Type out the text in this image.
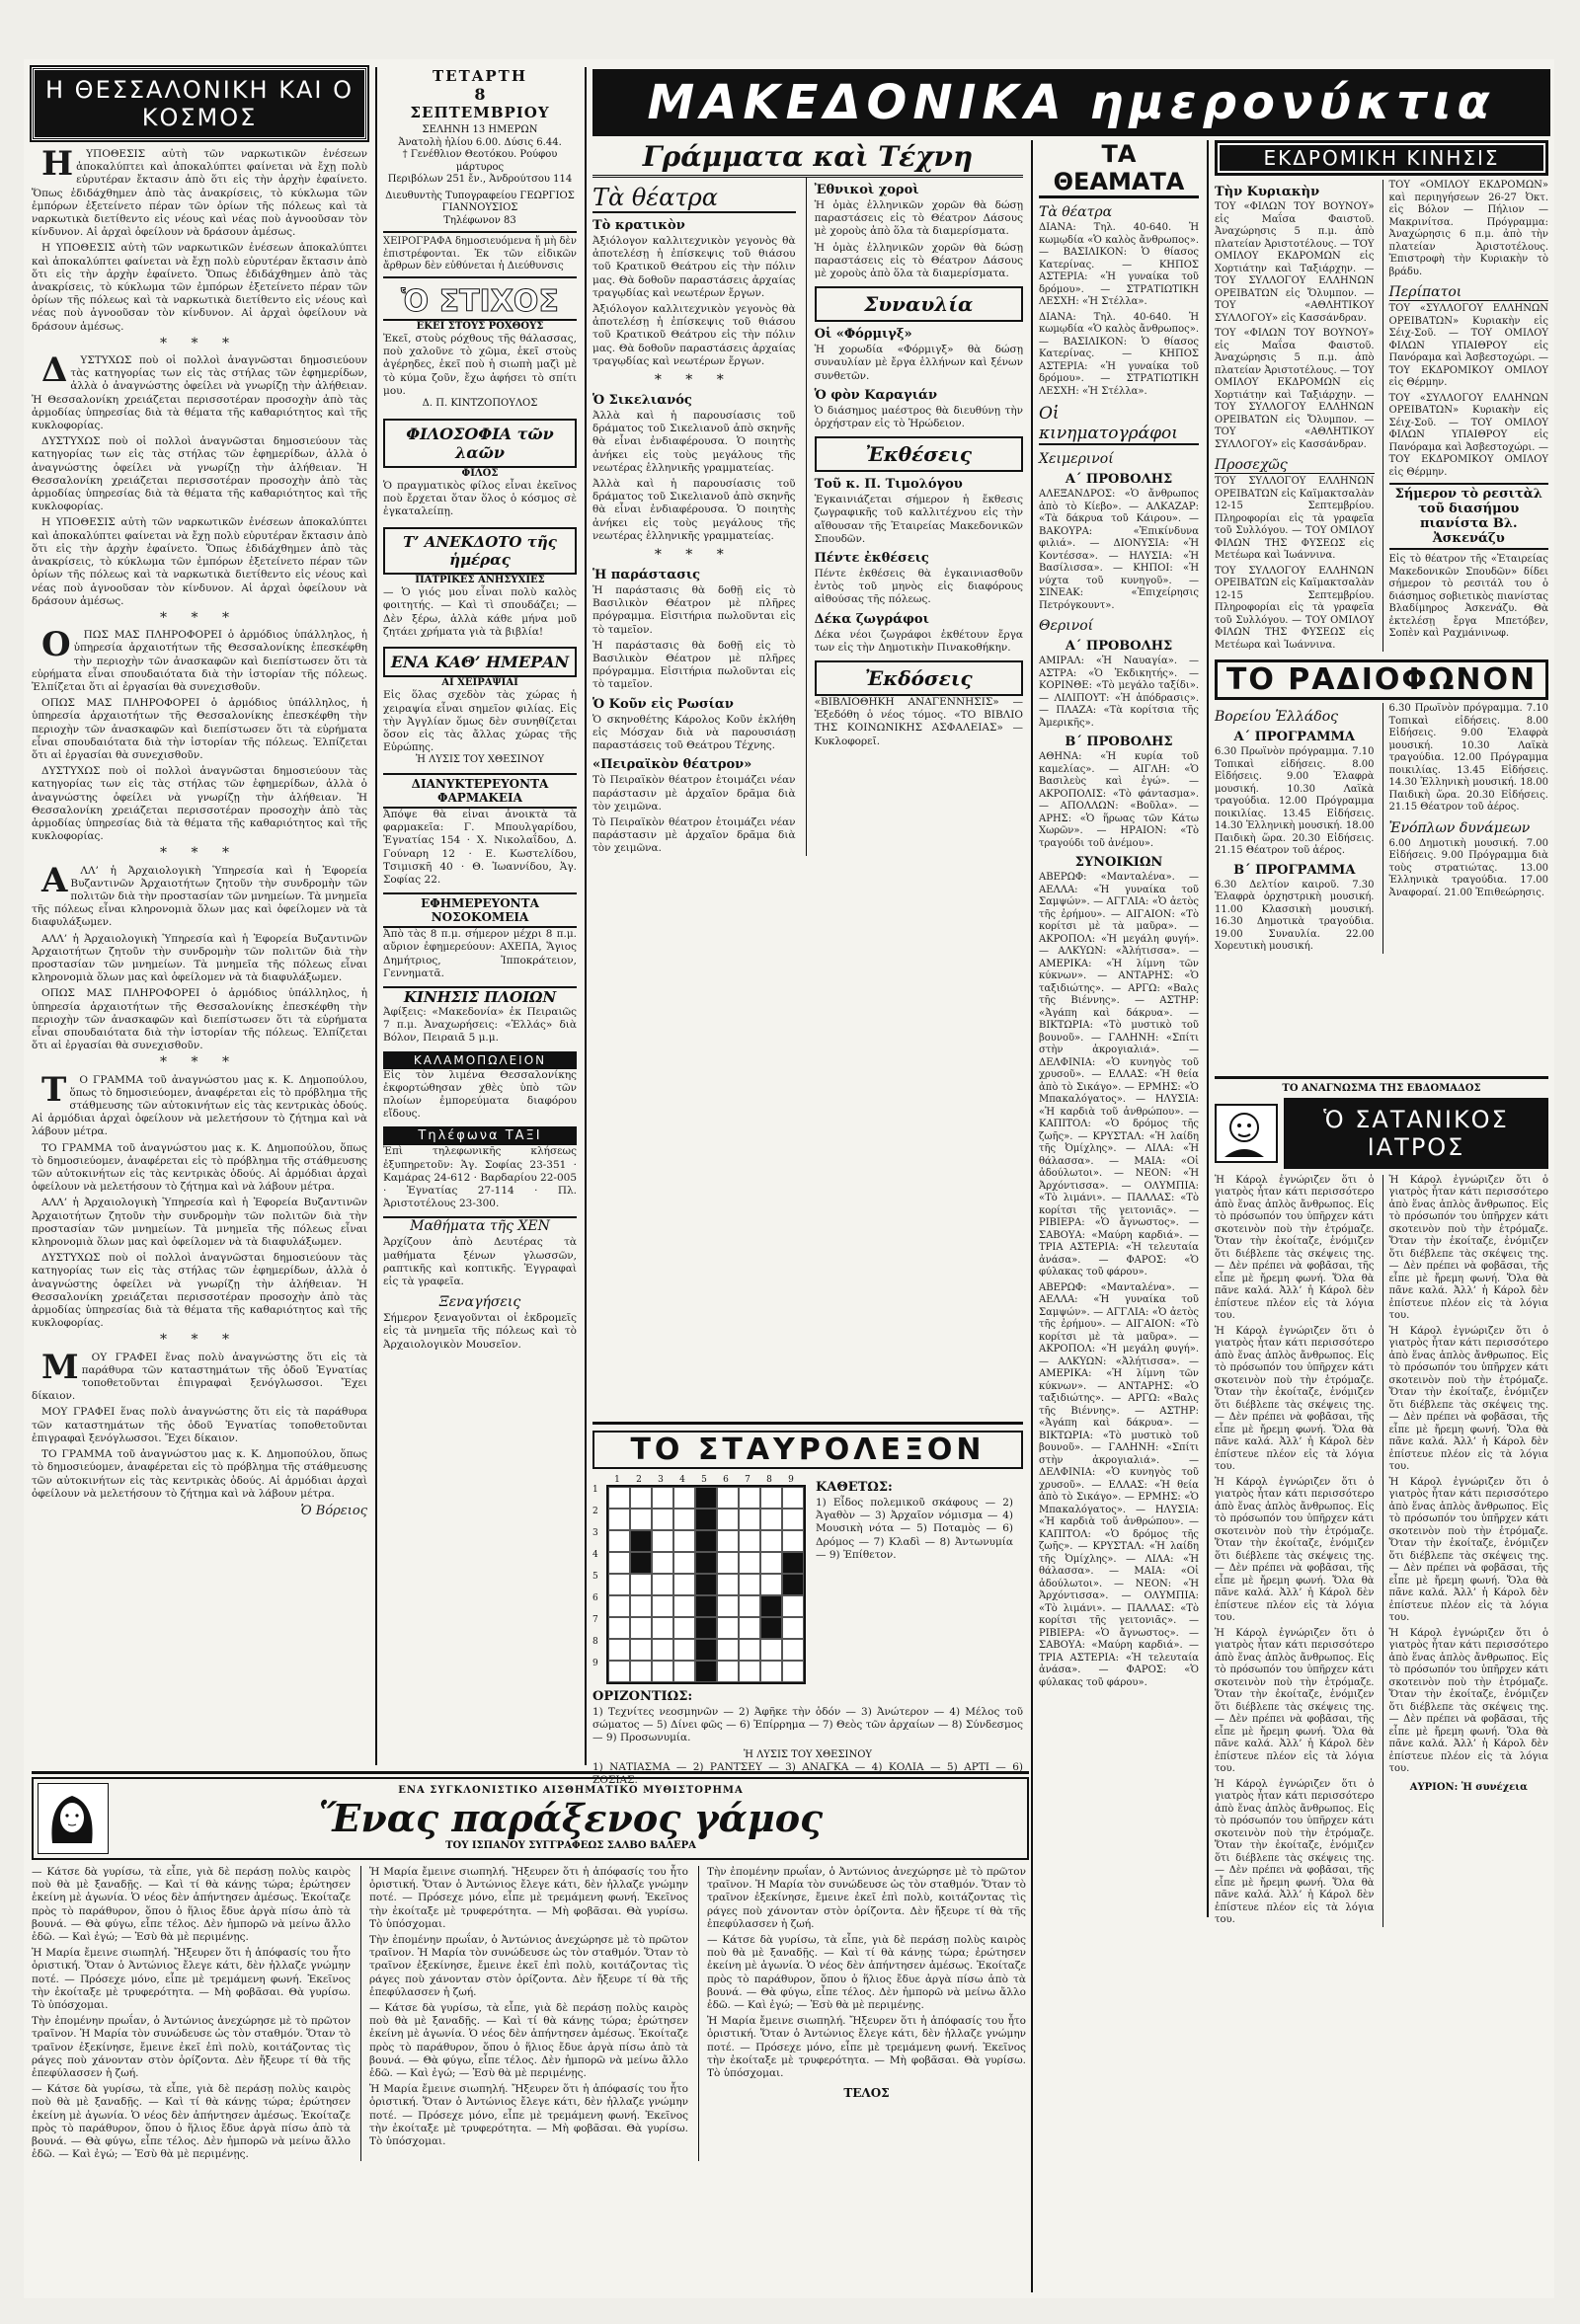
Η ΘΕΣΣΑΛΟΝΙΚΗ ΚΑΙ Ο ΚΟΣΜΟΣ

ΗΥΠΟΘΕΣΙΣ αὐτὴ τῶν ναρκωτικῶν ἐνέσεων ἀποκαλύπτει καὶ ἀποκαλύπτει φαίνεται νὰ ἔχῃ πολὺ εὐρυτέραν ἔκτασιν ἀπὸ ὅτι εἰς τὴν ἀρχὴν ἐφαίνετο. Ὅπως ἐδιδάχθημεν ἀπὸ τὰς ἀνακρίσεις, τὸ κύκλωμα τῶν ἐμπόρων ἐξετείνετο πέραν τῶν ὁρίων τῆς πόλεως καὶ τὰ ναρκωτικὰ διετίθεντο εἰς νέους καὶ νέας ποὺ ἀγνοοῦσαν τὸν κίνδυνον. Αἱ ἀρχαὶ ὀφείλουν νὰ δράσουν ἀμέσως.

Η ΥΠΟΘΕΣΙΣ αὐτὴ τῶν ναρκωτικῶν ἐνέσεων ἀποκαλύπτει καὶ ἀποκαλύπτει φαίνεται νὰ ἔχῃ πολὺ εὐρυτέραν ἔκτασιν ἀπὸ ὅτι εἰς τὴν ἀρχὴν ἐφαίνετο. Ὅπως ἐδιδάχθημεν ἀπὸ τὰς ἀνακρίσεις, τὸ κύκλωμα τῶν ἐμπόρων ἐξετείνετο πέραν τῶν ὁρίων τῆς πόλεως καὶ τὰ ναρκωτικὰ διετίθεντο εἰς νέους καὶ νέας ποὺ ἀγνοοῦσαν τὸν κίνδυνον. Αἱ ἀρχαὶ ὀφείλουν νὰ δράσουν ἀμέσως.

* * *

ΔΥΣΤΥΧΩΣ ποὺ οἱ πολλοὶ ἀναγνῶσται δημοσιεύουν τὰς κατηγορίας των εἰς τὰς στήλας τῶν ἐφημερίδων, ἀλλὰ ὁ ἀναγνώστης ὀφείλει νὰ γνωρίζῃ τὴν ἀλήθειαν. Ἡ Θεσσαλονίκη χρειάζεται περισσοτέραν προσοχὴν ἀπὸ τὰς ἀρμοδίας ὑπηρεσίας διὰ τὰ θέματα τῆς καθαριότητος καὶ τῆς κυκλοφορίας.

ΔΥΣΤΥΧΩΣ ποὺ οἱ πολλοὶ ἀναγνῶσται δημοσιεύουν τὰς κατηγορίας των εἰς τὰς στήλας τῶν ἐφημερίδων, ἀλλὰ ὁ ἀναγνώστης ὀφείλει νὰ γνωρίζῃ τὴν ἀλήθειαν. Ἡ Θεσσαλονίκη χρειάζεται περισσοτέραν προσοχὴν ἀπὸ τὰς ἀρμοδίας ὑπηρεσίας διὰ τὰ θέματα τῆς καθαριότητος καὶ τῆς κυκλοφορίας.

Η ΥΠΟΘΕΣΙΣ αὐτὴ τῶν ναρκωτικῶν ἐνέσεων ἀποκαλύπτει καὶ ἀποκαλύπτει φαίνεται νὰ ἔχῃ πολὺ εὐρυτέραν ἔκτασιν ἀπὸ ὅτι εἰς τὴν ἀρχὴν ἐφαίνετο. Ὅπως ἐδιδάχθημεν ἀπὸ τὰς ἀνακρίσεις, τὸ κύκλωμα τῶν ἐμπόρων ἐξετείνετο πέραν τῶν ὁρίων τῆς πόλεως καὶ τὰ ναρκωτικὰ διετίθεντο εἰς νέους καὶ νέας ποὺ ἀγνοοῦσαν τὸν κίνδυνον. Αἱ ἀρχαὶ ὀφείλουν νὰ δράσουν ἀμέσως.

* * *

ΟΠΩΣ ΜΑΣ ΠΛΗΡΟΦΟΡΕΙ ὁ ἀρμόδιος ὑπάλληλος, ἡ ὑπηρεσία ἀρχαιοτήτων τῆς Θεσσαλονίκης ἐπεσκέφθη τὴν περιοχὴν τῶν ἀνασκαφῶν καὶ διεπίστωσεν ὅτι τὰ εὑρήματα εἶναι σπουδαιότατα διὰ τὴν ἱστορίαν τῆς πόλεως. Ἐλπίζεται ὅτι αἱ ἐργασίαι θὰ συνεχισθοῦν.

ΟΠΩΣ ΜΑΣ ΠΛΗΡΟΦΟΡΕΙ ὁ ἀρμόδιος ὑπάλληλος, ἡ ὑπηρεσία ἀρχαιοτήτων τῆς Θεσσαλονίκης ἐπεσκέφθη τὴν περιοχὴν τῶν ἀνασκαφῶν καὶ διεπίστωσεν ὅτι τὰ εὑρήματα εἶναι σπουδαιότατα διὰ τὴν ἱστορίαν τῆς πόλεως. Ἐλπίζεται ὅτι αἱ ἐργασίαι θὰ συνεχισθοῦν.

ΔΥΣΤΥΧΩΣ ποὺ οἱ πολλοὶ ἀναγνῶσται δημοσιεύουν τὰς κατηγορίας των εἰς τὰς στήλας τῶν ἐφημερίδων, ἀλλὰ ὁ ἀναγνώστης ὀφείλει νὰ γνωρίζῃ τὴν ἀλήθειαν. Ἡ Θεσσαλονίκη χρειάζεται περισσοτέραν προσοχὴν ἀπὸ τὰς ἀρμοδίας ὑπηρεσίας διὰ τὰ θέματα τῆς καθαριότητος καὶ τῆς κυκλοφορίας.

* * *

ΑΛΛ’ ἡ Ἀρχαιολογικὴ Ὑπηρεσία καὶ ἡ Ἐφορεία Βυζαντινῶν Ἀρχαιοτήτων ζητοῦν τὴν συνδρομὴν τῶν πολιτῶν διὰ τὴν προστασίαν τῶν μνημείων. Τὰ μνημεῖα τῆς πόλεως εἶναι κληρονομιὰ ὅλων μας καὶ ὀφείλομεν νὰ τὰ διαφυλάξωμεν.

ΑΛΛ’ ἡ Ἀρχαιολογικὴ Ὑπηρεσία καὶ ἡ Ἐφορεία Βυζαντινῶν Ἀρχαιοτήτων ζητοῦν τὴν συνδρομὴν τῶν πολιτῶν διὰ τὴν προστασίαν τῶν μνημείων. Τὰ μνημεῖα τῆς πόλεως εἶναι κληρονομιὰ ὅλων μας καὶ ὀφείλομεν νὰ τὰ διαφυλάξωμεν.

ΟΠΩΣ ΜΑΣ ΠΛΗΡΟΦΟΡΕΙ ὁ ἀρμόδιος ὑπάλληλος, ἡ ὑπηρεσία ἀρχαιοτήτων τῆς Θεσσαλονίκης ἐπεσκέφθη τὴν περιοχὴν τῶν ἀνασκαφῶν καὶ διεπίστωσεν ὅτι τὰ εὑρήματα εἶναι σπουδαιότατα διὰ τὴν ἱστορίαν τῆς πόλεως. Ἐλπίζεται ὅτι αἱ ἐργασίαι θὰ συνεχισθοῦν.

* * *

ΤΟ ΓΡΑΜΜΑ τοῦ ἀναγνώστου μας κ. Κ. Δημοπούλου, ὅπως τὸ δημοσιεύομεν, ἀναφέρεται εἰς τὸ πρόβλημα τῆς στάθμευσης τῶν αὐτοκινήτων εἰς τὰς κεντρικὰς ὁδούς. Αἱ ἀρμόδιαι ἀρχαὶ ὀφείλουν νὰ μελετήσουν τὸ ζήτημα καὶ νὰ λάβουν μέτρα.

ΤΟ ΓΡΑΜΜΑ τοῦ ἀναγνώστου μας κ. Κ. Δημοπούλου, ὅπως τὸ δημοσιεύομεν, ἀναφέρεται εἰς τὸ πρόβλημα τῆς στάθμευσης τῶν αὐτοκινήτων εἰς τὰς κεντρικὰς ὁδούς. Αἱ ἀρμόδιαι ἀρχαὶ ὀφείλουν νὰ μελετήσουν τὸ ζήτημα καὶ νὰ λάβουν μέτρα.

ΑΛΛ’ ἡ Ἀρχαιολογικὴ Ὑπηρεσία καὶ ἡ Ἐφορεία Βυζαντινῶν Ἀρχαιοτήτων ζητοῦν τὴν συνδρομὴν τῶν πολιτῶν διὰ τὴν προστασίαν τῶν μνημείων. Τὰ μνημεῖα τῆς πόλεως εἶναι κληρονομιὰ ὅλων μας καὶ ὀφείλομεν νὰ τὰ διαφυλάξωμεν.

ΔΥΣΤΥΧΩΣ ποὺ οἱ πολλοὶ ἀναγνῶσται δημοσιεύουν τὰς κατηγορίας των εἰς τὰς στήλας τῶν ἐφημερίδων, ἀλλὰ ὁ ἀναγνώστης ὀφείλει νὰ γνωρίζῃ τὴν ἀλήθειαν. Ἡ Θεσσαλονίκη χρειάζεται περισσοτέραν προσοχὴν ἀπὸ τὰς ἀρμοδίας ὑπηρεσίας διὰ τὰ θέματα τῆς καθαριότητος καὶ τῆς κυκλοφορίας.

* * *

ΜΟΥ ΓΡΑΦΕΙ ἕνας πολὺ ἀναγνώστης ὅτι εἰς τὰ παράθυρα τῶν καταστημάτων τῆς ὁδοῦ Ἐγνατίας τοποθετοῦνται ἐπιγραφαὶ ξενόγλωσσοι. Ἔχει δίκαιον.

ΜΟΥ ΓΡΑΦΕΙ ἕνας πολὺ ἀναγνώστης ὅτι εἰς τὰ παράθυρα τῶν καταστημάτων τῆς ὁδοῦ Ἐγνατίας τοποθετοῦνται ἐπιγραφαὶ ξενόγλωσσοι. Ἔχει δίκαιον.

ΤΟ ΓΡΑΜΜΑ τοῦ ἀναγνώστου μας κ. Κ. Δημοπούλου, ὅπως τὸ δημοσιεύομεν, ἀναφέρεται εἰς τὸ πρόβλημα τῆς στάθμευσης τῶν αὐτοκινήτων εἰς τὰς κεντρικὰς ὁδούς. Αἱ ἀρμόδιαι ἀρχαὶ ὀφείλουν νὰ μελετήσουν τὸ ζήτημα καὶ νὰ λάβουν μέτρα.

Ὁ Βόρειος
ΤΕΤΑΡΤΗ
8
ΣΕΠΤΕΜΒΡΙΟΥ
ΣΕΛΗΝΗ 13 ΗΜΕΡΩΝ
Ἀνατολὴ ἡλίου 6.00. Δύσις 6.44.
† Γενέθλιον Θεοτόκου. Ρούφου μάρτυρος
Περιβόλων 251 ἔν., Ἀνδρούτσου 114
Διευθυντὴς Τυπογραφείου ΓΕΩΡΓΙΟΣ ΓΙΑΝΝΟΥΣΙΟΣ
Τηλέφωνον 83
ΧΕΙΡΟΓΡΑΦΑ δημοσιευόμενα ἤ μὴ δὲν ἐπιστρέφονται. Ἐκ τῶν εἰδικῶν ἄρθρων δὲν εὐθύνεται ἡ Διεύθυνσις
Ὁ ΣΤΙΧΟΣ
ΕΚΕΙ ΣΤΟΥΣ ΡΟΧΘΟΥΣ
Ἐκεῖ, στοὺς ρόχθους τῆς θάλασσας, ποὺ χαλοῦνε τὸ χῶμα, ἐκεῖ στοὺς ἀγέρηδες, ἐκεῖ ποὺ ἡ σιωπὴ μαζὶ μὲ τὸ κύμα ζοῦν, ἔχω ἀφήσει τὸ σπίτι μου.
Δ. Π. ΚΙΝΤΖΟΠΟΥΛΟΣ
ΦΙΛΟΣΟΦΙΑ τῶν λαῶν
ΦΙΛΟΣ
Ὁ πραγματικὸς φίλος εἶναι ἐκεῖνος ποὺ ἔρχεται ὅταν ὅλος ὁ κόσμος σὲ ἐγκαταλείπῃ.
Τ’ ΑΝΕΚΔΟΤΟ τῆς ἡμέρας
ΠΑΤΡΙΚΕΣ ΑΝΗΣΥΧΙΕΣ
— Ὁ γιός μου εἶναι πολὺ καλὸς φοιτητής. — Καὶ τὶ σπουδάζει; — Δὲν ξέρω, ἀλλὰ κάθε μήνα μοῦ ζητάει χρήματα γιὰ τὰ βιβλία!
ΕΝΑ ΚΑΘ’ ΗΜΕΡΑΝ
ΑΙ ΧΕΙΡΑΨΙΑΙ
Εἰς ὅλας σχεδὸν τὰς χώρας ἡ χειραψία εἶναι σημεῖον φιλίας. Εἰς τὴν Ἀγγλίαν ὅμως δὲν συνηθίζεται ὅσον εἰς τὰς ἄλλας χώρας τῆς Εὐρώπης.
Ἡ ΛΥΣΙΣ ΤΟΥ ΧΘΕΣΙΝΟΥ
ΔΙΑΝΥΚΤΕΡΕΥΟΝΤΑ ΦΑΡΜΑΚΕΙΑ
Ἀπόψε θὰ εἶναι ἀνοικτὰ τὰ φαρμακεῖα: Γ. Μπουλγαρίδου, Ἐγνατίας 154 · Χ. Νικολαΐδου, Δ. Γούναρη 12 · Ε. Κωστελίδου, Τσιμισκῆ 40 · Θ. Ἰωαννίδου, Ἁγ. Σοφίας 22.
ΕΦΗΜΕΡΕΥΟΝΤΑ ΝΟΣΟΚΟΜΕΙΑ
Ἀπὸ τὰς 8 π.μ. σήμερον μέχρι 8 π.μ. αὔριον ἐφημερεύουν: ΑΧΕΠΑ, Ἅγιος Δημήτριος, Ἱπποκράτειον, Γεννηματᾶ.
ΚΙΝΗΣΙΣ ΠΛΟΙΩΝ
Ἀφίξεις: «Μακεδονία» ἐκ Πειραιῶς 7 π.μ. Ἀναχωρήσεις: «Ἑλλάς» διὰ Βόλον, Πειραιᾶ 5 μ.μ.
ΚΑΛΑΜΟΠΩΛΕΙΟΝ
Εἰς τὸν λιμένα Θεσσαλονίκης ἐκφορτώθησαν χθὲς ὑπὸ τῶν πλοίων ἐμπορεύματα διαφόρου εἴδους.
Τηλέφωνα ΤΑΞΙ
Ἐπὶ τηλεφωνικῆς κλήσεως ἐξυπηρετοῦν: Ἁγ. Σοφίας 23-351 · Καμάρας 24-612 · Βαρδαρίου 22-005 · Ἐγνατίας 27-114 · Πλ. Ἀριστοτέλους 23-300.
Μαθήματα τῆς ΧΕΝ
Ἀρχίζουν ἀπὸ Δευτέρας τὰ μαθήματα ξένων γλωσσῶν, ραπτικῆς καὶ κοπτικῆς. Ἐγγραφαὶ εἰς τὰ γραφεῖα.
Ξεναγήσεις
Σήμερον ξεναγοῦνται οἱ ἐκδρομεῖς εἰς τὰ μνημεῖα τῆς πόλεως καὶ τὸ Ἀρχαιολογικὸν Μουσεῖον.
ΜΑΚΕΔΟΝΙΚΑ ημερονύκτια
Γράμματα καὶ Τέχνη
Τὰ θέατρα
Τὸ κρατικὸν
Ἀξιόλογον καλλιτεχνικὸν γεγονὸς θὰ ἀποτελέσῃ ἡ ἐπίσκεψις τοῦ θιάσου τοῦ Κρατικοῦ Θεάτρου εἰς τὴν πόλιν μας. Θὰ δοθοῦν παραστάσεις ἀρχαίας τραγῳδίας καὶ νεωτέρων ἔργων.
Ἀξιόλογον καλλιτεχνικὸν γεγονὸς θὰ ἀποτελέσῃ ἡ ἐπίσκεψις τοῦ θιάσου τοῦ Κρατικοῦ Θεάτρου εἰς τὴν πόλιν μας. Θὰ δοθοῦν παραστάσεις ἀρχαίας τραγῳδίας καὶ νεωτέρων ἔργων.
* * *
Ὁ Σικελιανός
Ἀλλὰ καὶ ἡ παρουσίασις τοῦ δράματος τοῦ Σικελιανοῦ ἀπὸ σκηνῆς θὰ εἶναι ἐνδιαφέρουσα. Ὁ ποιητὴς ἀνήκει εἰς τοὺς μεγάλους τῆς νεωτέρας ἑλληνικῆς γραμματείας.
Ἀλλὰ καὶ ἡ παρουσίασις τοῦ δράματος τοῦ Σικελιανοῦ ἀπὸ σκηνῆς θὰ εἶναι ἐνδιαφέρουσα. Ὁ ποιητὴς ἀνήκει εἰς τοὺς μεγάλους τῆς νεωτέρας ἑλληνικῆς γραμματείας.
* * *
Ἡ παράστασις
Ἡ παράστασις θὰ δοθῇ εἰς τὸ Βασιλικὸν Θέατρον μὲ πλῆρες πρόγραμμα. Εἰσιτήρια πωλοῦνται εἰς τὸ ταμεῖον.
Ἡ παράστασις θὰ δοθῇ εἰς τὸ Βασιλικὸν Θέατρον μὲ πλῆρες πρόγραμμα. Εἰσιτήρια πωλοῦνται εἰς τὸ ταμεῖον.
Ὁ Κοῦν εἰς Ρωσίαν
Ὁ σκηνοθέτης Κάρολος Κοῦν ἐκλήθη εἰς Μόσχαν διὰ νὰ παρουσιάσῃ παραστάσεις τοῦ Θεάτρου Τέχνης.
«Πειραϊκὸν θέατρον»
Τὸ Πειραϊκὸν θέατρον ἑτοιμάζει νέαν παράστασιν μὲ ἀρχαῖον δρᾶμα διὰ τὸν χειμῶνα.
Τὸ Πειραϊκὸν θέατρον ἑτοιμάζει νέαν παράστασιν μὲ ἀρχαῖον δρᾶμα διὰ τὸν χειμῶνα.
Ἐθνικοὶ χοροὶ
Ἡ ὁμὰς ἑλληνικῶν χορῶν θὰ δώσῃ παραστάσεις εἰς τὸ Θέατρον Δάσους μὲ χοροὺς ἀπὸ ὅλα τὰ διαμερίσματα.
Ἡ ὁμὰς ἑλληνικῶν χορῶν θὰ δώσῃ παραστάσεις εἰς τὸ Θέατρον Δάσους μὲ χοροὺς ἀπὸ ὅλα τὰ διαμερίσματα.
Συναυλία
Οἱ «Φόρμιγξ»
Ἡ χορωδία «Φόρμιγξ» θὰ δώσῃ συναυλίαν μὲ ἔργα ἑλλήνων καὶ ξένων συνθετῶν.
Ὁ φὸν Καραγιάν
Ὁ διάσημος μαέστρος θὰ διευθύνῃ τὴν ὀρχήστραν εἰς τὸ Ἡρώδειον.
Ἐκθέσεις
Τοῦ κ. Π. Τιμολόγου
Ἐγκαινιάζεται σήμερον ἡ ἔκθεσις ζωγραφικῆς τοῦ καλλιτέχνου εἰς τὴν αἴθουσαν τῆς Ἑταιρείας Μακεδονικῶν Σπουδῶν.
Πέντε ἐκθέσεις
Πέντε ἐκθέσεις θὰ ἐγκαινιασθοῦν ἐντὸς τοῦ μηνὸς εἰς διαφόρους αἰθούσας τῆς πόλεως.
Δέκα ζωγράφοι
Δέκα νέοι ζωγράφοι ἐκθέτουν ἔργα των εἰς τὴν Δημοτικὴν Πινακοθήκην.
Ἐκδόσεις
«ΒΙΒΛΙΟΘΗΚΗ ΑΝΑΓΕΝΝΗΣΙΣ» — Ἐξεδόθη ὁ νέος τόμος. «ΤΟ ΒΙΒΛΙΟ ΤΗΣ ΚΟΙΝΩΝΙΚΗΣ ΑΣΦΑΛΕΙΑΣ» — Κυκλοφορεῖ.
ΤΟ ΣΤΑΥΡΟΛΕΞΟΝ
1	2	3	4	5	6	7	8	9
1
2
3
4
5
6
7
8
9
ΚΑΘΕΤΩΣ:
1) Εἶδος πολεμικοῦ σκάφους — 2) Ἀγαθὸν — 3) Ἀρχαῖον νόμισμα — 4) Μουσικὴ νότα — 5) Ποταμὸς — 6) Δρόμος — 7) Κλαδὶ — 8) Ἀντωνυμία — 9) Ἐπίθετον.
ΟΡΙΖΟΝΤΙΩΣ:
1) Τεχνίτες νεοσμηνῶν — 2) Ἀφῆκε τὴν ὁδόν — 3) Ἀνώτερον — 4) Μέλος τοῦ σώματος — 5) Δίνει φῶς — 6) Ἐπίρρημα — 7) Θεὸς τῶν ἀρχαίων — 8) Σύνδεσμος — 9) Προσωνυμία.
Ἡ ΛΥΣΙΣ ΤΟΥ ΧΘΕΣΙΝΟΥ
1) ΝΑΤΙΑΣΜΑ — 2) ΡΑΝΤΣΕΥ — 3) ΑΝΑΓΚΑ — 4) ΚΟΛΙΑ — 5) ΑΡΤΙ — 6) ΖΟΣΙΑΣ.
ΤΑ ΘΕΑΜΑΤΑ
Τὰ θέατρα
ΔΙΑΝΑ: Τηλ. 40-640. Ἡ κωμῳδία «Ὁ καλὸς ἄνθρωπος». — ΒΑΣΙΛΙΚΟΝ: Ὁ θίασος Κατερίνας. — ΚΗΠΟΣ ΑΣΤΕΡΙΑ: «Ἡ γυναίκα τοῦ δρόμου». — ΣΤΡΑΤΙΩΤΙΚΗ ΛΕΣΧΗ: «Ἡ Στέλλα».
ΔΙΑΝΑ: Τηλ. 40-640. Ἡ κωμῳδία «Ὁ καλὸς ἄνθρωπος». — ΒΑΣΙΛΙΚΟΝ: Ὁ θίασος Κατερίνας. — ΚΗΠΟΣ ΑΣΤΕΡΙΑ: «Ἡ γυναίκα τοῦ δρόμου». — ΣΤΡΑΤΙΩΤΙΚΗ ΛΕΣΧΗ: «Ἡ Στέλλα».
Οἱ κινηματογράφοι
Χειμερινοί
Α΄ ΠΡΟΒΟΛΗΣ
ΑΛΕΞΑΝΔΡΟΣ: «Ὁ ἄνθρωπος ἀπὸ τὸ Κίεβο». — ΑΛΚΑΖΑΡ: «Τὰ δάκρυα τοῦ Κάιρου». — ΒΑΚΟΥΡΑ: «Ἐπικίνδυνα φιλιά». — ΔΙΟΝΥΣΙΑ: «Ἡ Κοντέσσα». — ΗΛΥΣΙΑ: «Ἡ Βασίλισσα». — ΚΗΠΟΙ: «Ἡ νύχτα τοῦ κυνηγοῦ». — ΣΙΝΕΑΚ: «Ἐπιχείρησις Πετρόγκουντ».
Θερινοί
Α΄ ΠΡΟΒΟΛΗΣ
ΑΜΙΡΑΛ: «Ἡ Ναυαγία». — ΑΣΤΡΑ: «Ὁ Ἐκδικητής». — ΚΟΡΙΝΘΕ: «Τὸ μεγάλο ταξίδι». — ΛΙΛΙΠΟΥΤ: «Ἡ ἀπόδρασις». — ΠΛΑΖΑ: «Τὰ κορίτσια τῆς Ἀμερικῆς».
Β΄ ΠΡΟΒΟΛΗΣ
ΑΘΗΝΑ: «Ἡ κυρία τοῦ καμελίας». — ΑΙΓΛΗ: «Ὁ Βασιλεὺς καὶ ἐγώ». — ΑΚΡΟΠΟΛΙΣ: «Τὸ φάντασμα». — ΑΠΟΛΛΩΝ: «Βοῦλα». — ΑΡΗΣ: «Ὁ ἥρωας τῶν Κάτω Χωρῶν». — ΗΡΑΙΟΝ: «Τὸ τραγούδι τοῦ ἀνέμου».
ΣΥΝΟΙΚΙΩΝ
ΑΒΕΡΩΦ: «Μανταλένα». — ΑΕΛΛΑ: «Ἡ γυναίκα τοῦ Σαμψών». — ΑΓΓΛΙΑ: «Ὁ ἀετὸς τῆς ἐρήμου». — ΑΙΓΑΙΟΝ: «Τὸ κορίτσι μὲ τὰ μαῦρα». — ΑΚΡΟΠΟΛ: «Ἡ μεγάλη φυγή». — ΑΛΚΥΩΝ: «Ἀλήτισσα». — ΑΜΕΡΙΚΑ: «Ἡ λίμνη τῶν κύκνων». — ΑΝΤΑΡΗΣ: «Ὁ ταξιδιώτης». — ΑΡΓΩ: «Βαλς τῆς Βιέννης». — ΑΣΤΗΡ: «Ἀγάπη καὶ δάκρυα». — ΒΙΚΤΩΡΙΑ: «Τὸ μυστικὸ τοῦ βουνοῦ». — ΓΑΛΗΝΗ: «Σπίτι στὴν ἀκρογιαλιά». — ΔΕΛΦΙΝΙΑ: «Ὁ κυνηγὸς τοῦ χρυσοῦ». — ΕΛΛΑΣ: «Ἡ θεία ἀπὸ τὸ Σικάγο». — ΕΡΜΗΣ: «Ὁ Μπακαλόγατος». — ΗΛΥΣΙΑ: «Ἡ καρδιὰ τοῦ ἀνθρώπου». — ΚΑΠΙΤΟΛ: «Ὁ δρόμος τῆς ζωῆς». — ΚΡΥΣΤΑΛ: «Ἡ λαίδη τῆς Ὀμίχλης». — ΛΙΛΑ: «Ἡ θάλασσα». — ΜΑΙΑ: «Οἱ ἀδούλωτοι». — ΝΕΟΝ: «Ἡ Ἀρχόντισσα». — ΟΛΥΜΠΙΑ: «Τὸ λιμάνι». — ΠΑΛΛΑΣ: «Τὸ κορίτσι τῆς γειτονιᾶς». — ΡΙΒΙΕΡΑ: «Ὁ ἄγνωστος». — ΣΑΒΟΥΑ: «Μαύρη καρδιά». — ΤΡΙΑ ΑΣΤΕΡΙΑ: «Ἡ τελευταία ἀνάσα». — ΦΑΡΟΣ: «Ὁ φύλακας τοῦ φάρου».
ΑΒΕΡΩΦ: «Μανταλένα». — ΑΕΛΛΑ: «Ἡ γυναίκα τοῦ Σαμψών». — ΑΓΓΛΙΑ: «Ὁ ἀετὸς τῆς ἐρήμου». — ΑΙΓΑΙΟΝ: «Τὸ κορίτσι μὲ τὰ μαῦρα». — ΑΚΡΟΠΟΛ: «Ἡ μεγάλη φυγή». — ΑΛΚΥΩΝ: «Ἀλήτισσα». — ΑΜΕΡΙΚΑ: «Ἡ λίμνη τῶν κύκνων». — ΑΝΤΑΡΗΣ: «Ὁ ταξιδιώτης». — ΑΡΓΩ: «Βαλς τῆς Βιέννης». — ΑΣΤΗΡ: «Ἀγάπη καὶ δάκρυα». — ΒΙΚΤΩΡΙΑ: «Τὸ μυστικὸ τοῦ βουνοῦ». — ΓΑΛΗΝΗ: «Σπίτι στὴν ἀκρογιαλιά». — ΔΕΛΦΙΝΙΑ: «Ὁ κυνηγὸς τοῦ χρυσοῦ». — ΕΛΛΑΣ: «Ἡ θεία ἀπὸ τὸ Σικάγο». — ΕΡΜΗΣ: «Ὁ Μπακαλόγατος». — ΗΛΥΣΙΑ: «Ἡ καρδιὰ τοῦ ἀνθρώπου». — ΚΑΠΙΤΟΛ: «Ὁ δρόμος τῆς ζωῆς». — ΚΡΥΣΤΑΛ: «Ἡ λαίδη τῆς Ὀμίχλης». — ΛΙΛΑ: «Ἡ θάλασσα». — ΜΑΙΑ: «Οἱ ἀδούλωτοι». — ΝΕΟΝ: «Ἡ Ἀρχόντισσα». — ΟΛΥΜΠΙΑ: «Τὸ λιμάνι». — ΠΑΛΛΑΣ: «Τὸ κορίτσι τῆς γειτονιᾶς». — ΡΙΒΙΕΡΑ: «Ὁ ἄγνωστος». — ΣΑΒΟΥΑ: «Μαύρη καρδιά». — ΤΡΙΑ ΑΣΤΕΡΙΑ: «Ἡ τελευταία ἀνάσα». — ΦΑΡΟΣ: «Ὁ φύλακας τοῦ φάρου».
ΕΚΔΡΟΜΙΚΗ ΚΙΝΗΣΙΣ
Τὴν Κυριακὴν
ΤΟΥ «ΦΙΛΩΝ ΤΟΥ ΒΟΥΝΟΥ» εἰς Μαΐσα Φαιστοῦ. Ἀναχώρησις 5 π.μ. ἀπὸ πλατείαν Ἀριστοτέλους. — ΤΟΥ ΟΜΙΛΟΥ ΕΚΔΡΟΜΩΝ εἰς Χορτιάτην καὶ Ταξιάρχην. — ΤΟΥ ΣΥΛΛΟΓΟΥ ΕΛΛΗΝΩΝ ΟΡΕΙΒΑΤΩΝ εἰς Ὄλυμπον. — ΤΟΥ «ΑΘΛΗΤΙΚΟΥ ΣΥΛΛΟΓΟΥ» εἰς Κασσάνδραν.
ΤΟΥ «ΦΙΛΩΝ ΤΟΥ ΒΟΥΝΟΥ» εἰς Μαΐσα Φαιστοῦ. Ἀναχώρησις 5 π.μ. ἀπὸ πλατείαν Ἀριστοτέλους. — ΤΟΥ ΟΜΙΛΟΥ ΕΚΔΡΟΜΩΝ εἰς Χορτιάτην καὶ Ταξιάρχην. — ΤΟΥ ΣΥΛΛΟΓΟΥ ΕΛΛΗΝΩΝ ΟΡΕΙΒΑΤΩΝ εἰς Ὄλυμπον. — ΤΟΥ «ΑΘΛΗΤΙΚΟΥ ΣΥΛΛΟΓΟΥ» εἰς Κασσάνδραν.
Προσεχῶς
ΤΟΥ ΣΥΛΛΟΓΟΥ ΕΛΛΗΝΩΝ ΟΡΕΙΒΑΤΩΝ εἰς Καϊμακτσαλὰν 12-15 Σεπτεμβρίου. Πληροφορίαι εἰς τὰ γραφεῖα τοῦ Συλλόγου. — ΤΟΥ ΟΜΙΛΟΥ ΦΙΛΩΝ ΤΗΣ ΦΥΣΕΩΣ εἰς Μετέωρα καὶ Ἰωάννινα.
ΤΟΥ ΣΥΛΛΟΓΟΥ ΕΛΛΗΝΩΝ ΟΡΕΙΒΑΤΩΝ εἰς Καϊμακτσαλὰν 12-15 Σεπτεμβρίου. Πληροφορίαι εἰς τὰ γραφεῖα τοῦ Συλλόγου. — ΤΟΥ ΟΜΙΛΟΥ ΦΙΛΩΝ ΤΗΣ ΦΥΣΕΩΣ εἰς Μετέωρα καὶ Ἰωάννινα.
ΤΟΥ «ΟΜΙΛΟΥ ΕΚΔΡΟΜΩΝ» καὶ περιηγήσεων 26-27 Ὀκτ. εἰς Βόλον — Πήλιον — Μακρινίτσα. Πρόγραμμα: Ἀναχώρησις 6 π.μ. ἀπὸ τὴν πλατείαν Ἀριστοτέλους. Ἐπιστροφὴ τὴν Κυριακὴν τὸ βράδυ.
Περίπατοι
ΤΟΥ «ΣΥΛΛΟΓΟΥ ΕΛΛΗΝΩΝ ΟΡΕΙΒΑΤΩΝ» Κυριακὴν εἰς Σέιχ-Σοῦ. — ΤΟΥ ΟΜΙΛΟΥ ΦΙΛΩΝ ΥΠΑΙΘΡΟΥ εἰς Πανόραμα καὶ Ἀσβεστοχώρι. — ΤΟΥ ΕΚΔΡΟΜΙΚΟΥ ΟΜΙΛΟΥ εἰς Θέρμην.
ΤΟΥ «ΣΥΛΛΟΓΟΥ ΕΛΛΗΝΩΝ ΟΡΕΙΒΑΤΩΝ» Κυριακὴν εἰς Σέιχ-Σοῦ. — ΤΟΥ ΟΜΙΛΟΥ ΦΙΛΩΝ ΥΠΑΙΘΡΟΥ εἰς Πανόραμα καὶ Ἀσβεστοχώρι. — ΤΟΥ ΕΚΔΡΟΜΙΚΟΥ ΟΜΙΛΟΥ εἰς Θέρμην.
Σήμερον τὸ ρεσιτὰλ τοῦ διασήμου πιανίστα Βλ. Ἀσκενάζυ
Εἰς τὸ θέατρον τῆς «Ἑταιρείας Μακεδονικῶν Σπουδῶν» δίδει σήμερον τὸ ρεσιτάλ του ὁ διάσημος σοβιετικὸς πιανίστας Βλαδίμηρος Ἀσκενάζυ. Θὰ ἐκτελέσῃ ἔργα Μπετόβεν, Σοπὲν καὶ Ραχμάνινωφ.
ΤΟ ΡΑΔΙΟΦΩΝΟΝ
Βορείου Ἑλλάδος
Α΄ ΠΡΟΓΡΑΜΜΑ
6.30 Πρωϊνὸν πρόγραμμα. 7.10 Τοπικαὶ εἰδήσεις. 8.00 Εἰδήσεις. 9.00 Ἑλαφρὰ μουσική. 10.30 Λαϊκὰ τραγούδια. 12.00 Πρόγραμμα ποικιλίας. 13.45 Εἰδήσεις. 14.30 Ἑλληνικὴ μουσική. 18.00 Παιδικὴ ὥρα. 20.30 Εἰδήσεις. 21.15 Θέατρον τοῦ ἀέρος.
Β΄ ΠΡΟΓΡΑΜΜΑ
6.30 Δελτίον καιροῦ. 7.30 Ἑλαφρὰ ὀρχηστρικὴ μουσική. 11.00 Κλασσικὴ μουσική. 16.30 Δημοτικὰ τραγούδια. 19.00 Συναυλία. 22.00 Χορευτικὴ μουσική.
6.30 Πρωϊνὸν πρόγραμμα. 7.10 Τοπικαὶ εἰδήσεις. 8.00 Εἰδήσεις. 9.00 Ἑλαφρὰ μουσική. 10.30 Λαϊκὰ τραγούδια. 12.00 Πρόγραμμα ποικιλίας. 13.45 Εἰδήσεις. 14.30 Ἑλληνικὴ μουσική. 18.00 Παιδικὴ ὥρα. 20.30 Εἰδήσεις. 21.15 Θέατρον τοῦ ἀέρος.
Ἐνόπλων δυνάμεων
6.00 Δημοτικὴ μουσική. 7.00 Εἰδήσεις. 9.00 Πρόγραμμα διὰ τοὺς στρατιώτας. 13.00 Ἑλληνικὰ τραγούδια. 17.00 Ἀναφοραί. 21.00 Ἐπιθεώρησις.
ΤΟ ΑΝΑΓΝΩΣΜΑ ΤΗΣ ΕΒΔΟΜΑΔΟΣ
Ὁ ΣΑΤΑΝΙΚΟΣ ΙΑΤΡΟΣ
Ἡ Κάρολ ἐγνώριζεν ὅτι ὁ γιατρὸς ἦταν κάτι περισσότερο ἀπὸ ἕνας ἁπλὸς ἄνθρωπος. Εἰς τὸ πρόσωπόν του ὑπῆρχεν κάτι σκοτεινὸν ποὺ τὴν ἐτρόμαζε. Ὅταν τὴν ἐκοίταζε, ἐνόμιζεν ὅτι διέβλεπε τὰς σκέψεις της. — Δὲν πρέπει νὰ φοβᾶσαι, τῆς εἶπε μὲ ἤρεμη φωνή. Ὅλα θὰ πᾶνε καλά. Ἀλλ’ ἡ Κάρολ δὲν ἐπίστευε πλέον εἰς τὰ λόγια του.
Ἡ Κάρολ ἐγνώριζεν ὅτι ὁ γιατρὸς ἦταν κάτι περισσότερο ἀπὸ ἕνας ἁπλὸς ἄνθρωπος. Εἰς τὸ πρόσωπόν του ὑπῆρχεν κάτι σκοτεινὸν ποὺ τὴν ἐτρόμαζε. Ὅταν τὴν ἐκοίταζε, ἐνόμιζεν ὅτι διέβλεπε τὰς σκέψεις της. — Δὲν πρέπει νὰ φοβᾶσαι, τῆς εἶπε μὲ ἤρεμη φωνή. Ὅλα θὰ πᾶνε καλά. Ἀλλ’ ἡ Κάρολ δὲν ἐπίστευε πλέον εἰς τὰ λόγια του.
Ἡ Κάρολ ἐγνώριζεν ὅτι ὁ γιατρὸς ἦταν κάτι περισσότερο ἀπὸ ἕνας ἁπλὸς ἄνθρωπος. Εἰς τὸ πρόσωπόν του ὑπῆρχεν κάτι σκοτεινὸν ποὺ τὴν ἐτρόμαζε. Ὅταν τὴν ἐκοίταζε, ἐνόμιζεν ὅτι διέβλεπε τὰς σκέψεις της. — Δὲν πρέπει νὰ φοβᾶσαι, τῆς εἶπε μὲ ἤρεμη φωνή. Ὅλα θὰ πᾶνε καλά. Ἀλλ’ ἡ Κάρολ δὲν ἐπίστευε πλέον εἰς τὰ λόγια του.
Ἡ Κάρολ ἐγνώριζεν ὅτι ὁ γιατρὸς ἦταν κάτι περισσότερο ἀπὸ ἕνας ἁπλὸς ἄνθρωπος. Εἰς τὸ πρόσωπόν του ὑπῆρχεν κάτι σκοτεινὸν ποὺ τὴν ἐτρόμαζε. Ὅταν τὴν ἐκοίταζε, ἐνόμιζεν ὅτι διέβλεπε τὰς σκέψεις της. — Δὲν πρέπει νὰ φοβᾶσαι, τῆς εἶπε μὲ ἤρεμη φωνή. Ὅλα θὰ πᾶνε καλά. Ἀλλ’ ἡ Κάρολ δὲν ἐπίστευε πλέον εἰς τὰ λόγια του.
Ἡ Κάρολ ἐγνώριζεν ὅτι ὁ γιατρὸς ἦταν κάτι περισσότερο ἀπὸ ἕνας ἁπλὸς ἄνθρωπος. Εἰς τὸ πρόσωπόν του ὑπῆρχεν κάτι σκοτεινὸν ποὺ τὴν ἐτρόμαζε. Ὅταν τὴν ἐκοίταζε, ἐνόμιζεν ὅτι διέβλεπε τὰς σκέψεις της. — Δὲν πρέπει νὰ φοβᾶσαι, τῆς εἶπε μὲ ἤρεμη φωνή. Ὅλα θὰ πᾶνε καλά. Ἀλλ’ ἡ Κάρολ δὲν ἐπίστευε πλέον εἰς τὰ λόγια του.
Ἡ Κάρολ ἐγνώριζεν ὅτι ὁ γιατρὸς ἦταν κάτι περισσότερο ἀπὸ ἕνας ἁπλὸς ἄνθρωπος. Εἰς τὸ πρόσωπόν του ὑπῆρχεν κάτι σκοτεινὸν ποὺ τὴν ἐτρόμαζε. Ὅταν τὴν ἐκοίταζε, ἐνόμιζεν ὅτι διέβλεπε τὰς σκέψεις της. — Δὲν πρέπει νὰ φοβᾶσαι, τῆς εἶπε μὲ ἤρεμη φωνή. Ὅλα θὰ πᾶνε καλά. Ἀλλ’ ἡ Κάρολ δὲν ἐπίστευε πλέον εἰς τὰ λόγια του.
Ἡ Κάρολ ἐγνώριζεν ὅτι ὁ γιατρὸς ἦταν κάτι περισσότερο ἀπὸ ἕνας ἁπλὸς ἄνθρωπος. Εἰς τὸ πρόσωπόν του ὑπῆρχεν κάτι σκοτεινὸν ποὺ τὴν ἐτρόμαζε. Ὅταν τὴν ἐκοίταζε, ἐνόμιζεν ὅτι διέβλεπε τὰς σκέψεις της. — Δὲν πρέπει νὰ φοβᾶσαι, τῆς εἶπε μὲ ἤρεμη φωνή. Ὅλα θὰ πᾶνε καλά. Ἀλλ’ ἡ Κάρολ δὲν ἐπίστευε πλέον εἰς τὰ λόγια του.
Ἡ Κάρολ ἐγνώριζεν ὅτι ὁ γιατρὸς ἦταν κάτι περισσότερο ἀπὸ ἕνας ἁπλὸς ἄνθρωπος. Εἰς τὸ πρόσωπόν του ὑπῆρχεν κάτι σκοτεινὸν ποὺ τὴν ἐτρόμαζε. Ὅταν τὴν ἐκοίταζε, ἐνόμιζεν ὅτι διέβλεπε τὰς σκέψεις της. — Δὲν πρέπει νὰ φοβᾶσαι, τῆς εἶπε μὲ ἤρεμη φωνή. Ὅλα θὰ πᾶνε καλά. Ἀλλ’ ἡ Κάρολ δὲν ἐπίστευε πλέον εἰς τὰ λόγια του.
Ἡ Κάρολ ἐγνώριζεν ὅτι ὁ γιατρὸς ἦταν κάτι περισσότερο ἀπὸ ἕνας ἁπλὸς ἄνθρωπος. Εἰς τὸ πρόσωπόν του ὑπῆρχεν κάτι σκοτεινὸν ποὺ τὴν ἐτρόμαζε. Ὅταν τὴν ἐκοίταζε, ἐνόμιζεν ὅτι διέβλεπε τὰς σκέψεις της. — Δὲν πρέπει νὰ φοβᾶσαι, τῆς εἶπε μὲ ἤρεμη φωνή. Ὅλα θὰ πᾶνε καλά. Ἀλλ’ ἡ Κάρολ δὲν ἐπίστευε πλέον εἰς τὰ λόγια του.
ΑΥΡΙΟΝ: Ἡ συνέχεια
ΕΝΑ ΣΥΓΚΛΟΝΙΣΤΙΚΟ ΑΙΣΘΗΜΑΤΙΚΟ ΜΥΘΙΣΤΟΡΗΜΑ
Ἕνας παράξενος γάμος
ΤΟΥ ΙΣΠΑΝΟΥ ΣΥΓΓΡΑΦΕΩΣ ΣΑΛΒΟ ΒΑΛΕΡΑ
— Κάτσε δὰ γυρίσω, τὰ εἶπε, γιὰ δὲ περάσῃ πολὺς καιρὸς ποὺ θὰ μὲ ξαναδῇς. — Καὶ τί θὰ κάνῃς τώρα; ἐρώτησεν ἐκείνη μὲ ἀγωνία. Ὁ νέος δὲν ἀπήντησεν ἀμέσως. Ἐκοίταζε πρὸς τὸ παράθυρον, ὅπου ὁ ἥλιος ἔδυε ἀργὰ πίσω ἀπὸ τὰ βουνά. — Θὰ φύγω, εἶπε τέλος. Δὲν ἠμπορῶ νὰ μείνω ἄλλο ἐδῶ. — Καὶ ἐγώ; — Ἐσὺ θὰ μὲ περιμένῃς.
Ἡ Μαρία ἔμεινε σιωπηλή. Ἤξευρεν ὅτι ἡ ἀπόφασίς του ἦτο ὁριστική. Ὅταν ὁ Ἀντώνιος ἔλεγε κάτι, δὲν ἠλλαζε γνώμην ποτέ. — Πρόσεχε μόνο, εἶπε μὲ τρεμάμενη φωνή. Ἐκεῖνος τὴν ἐκοίταξε μὲ τρυφερότητα. — Μὴ φοβᾶσαι. Θὰ γυρίσω. Τὸ ὑπόσχομαι.
Τὴν ἐπομένην πρωΐαν, ὁ Ἀντώνιος ἀνεχώρησε μὲ τὸ πρῶτον τραῖνον. Ἡ Μαρία τὸν συνώδευσε ὡς τὸν σταθμόν. Ὅταν τὸ τραῖνον ἐξεκίνησε, ἔμεινε ἐκεῖ ἐπὶ πολὺ, κοιτάζοντας τὶς ράγες ποὺ χάνονταν στὸν ὁρίζοντα. Δὲν ἤξευρε τί θὰ τῆς ἐπεφύλασσεν ἡ ζωή.
— Κάτσε δὰ γυρίσω, τὰ εἶπε, γιὰ δὲ περάσῃ πολὺς καιρὸς ποὺ θὰ μὲ ξαναδῇς. — Καὶ τί θὰ κάνῃς τώρα; ἐρώτησεν ἐκείνη μὲ ἀγωνία. Ὁ νέος δὲν ἀπήντησεν ἀμέσως. Ἐκοίταζε πρὸς τὸ παράθυρον, ὅπου ὁ ἥλιος ἔδυε ἀργὰ πίσω ἀπὸ τὰ βουνά. — Θὰ φύγω, εἶπε τέλος. Δὲν ἠμπορῶ νὰ μείνω ἄλλο ἐδῶ. — Καὶ ἐγώ; — Ἐσὺ θὰ μὲ περιμένῃς.
Ἡ Μαρία ἔμεινε σιωπηλή. Ἤξευρεν ὅτι ἡ ἀπόφασίς του ἦτο ὁριστική. Ὅταν ὁ Ἀντώνιος ἔλεγε κάτι, δὲν ἠλλαζε γνώμην ποτέ. — Πρόσεχε μόνο, εἶπε μὲ τρεμάμενη φωνή. Ἐκεῖνος τὴν ἐκοίταξε μὲ τρυφερότητα. — Μὴ φοβᾶσαι. Θὰ γυρίσω. Τὸ ὑπόσχομαι.
Τὴν ἐπομένην πρωΐαν, ὁ Ἀντώνιος ἀνεχώρησε μὲ τὸ πρῶτον τραῖνον. Ἡ Μαρία τὸν συνώδευσε ὡς τὸν σταθμόν. Ὅταν τὸ τραῖνον ἐξεκίνησε, ἔμεινε ἐκεῖ ἐπὶ πολὺ, κοιτάζοντας τὶς ράγες ποὺ χάνονταν στὸν ὁρίζοντα. Δὲν ἤξευρε τί θὰ τῆς ἐπεφύλασσεν ἡ ζωή.
— Κάτσε δὰ γυρίσω, τὰ εἶπε, γιὰ δὲ περάσῃ πολὺς καιρὸς ποὺ θὰ μὲ ξαναδῇς. — Καὶ τί θὰ κάνῃς τώρα; ἐρώτησεν ἐκείνη μὲ ἀγωνία. Ὁ νέος δὲν ἀπήντησεν ἀμέσως. Ἐκοίταζε πρὸς τὸ παράθυρον, ὅπου ὁ ἥλιος ἔδυε ἀργὰ πίσω ἀπὸ τὰ βουνά. — Θὰ φύγω, εἶπε τέλος. Δὲν ἠμπορῶ νὰ μείνω ἄλλο ἐδῶ. — Καὶ ἐγώ; — Ἐσὺ θὰ μὲ περιμένῃς.
Ἡ Μαρία ἔμεινε σιωπηλή. Ἤξευρεν ὅτι ἡ ἀπόφασίς του ἦτο ὁριστική. Ὅταν ὁ Ἀντώνιος ἔλεγε κάτι, δὲν ἠλλαζε γνώμην ποτέ. — Πρόσεχε μόνο, εἶπε μὲ τρεμάμενη φωνή. Ἐκεῖνος τὴν ἐκοίταξε μὲ τρυφερότητα. — Μὴ φοβᾶσαι. Θὰ γυρίσω. Τὸ ὑπόσχομαι.
Τὴν ἐπομένην πρωΐαν, ὁ Ἀντώνιος ἀνεχώρησε μὲ τὸ πρῶτον τραῖνον. Ἡ Μαρία τὸν συνώδευσε ὡς τὸν σταθμόν. Ὅταν τὸ τραῖνον ἐξεκίνησε, ἔμεινε ἐκεῖ ἐπὶ πολὺ, κοιτάζοντας τὶς ράγες ποὺ χάνονταν στὸν ὁρίζοντα. Δὲν ἤξευρε τί θὰ τῆς ἐπεφύλασσεν ἡ ζωή.
— Κάτσε δὰ γυρίσω, τὰ εἶπε, γιὰ δὲ περάσῃ πολὺς καιρὸς ποὺ θὰ μὲ ξαναδῇς. — Καὶ τί θὰ κάνῃς τώρα; ἐρώτησεν ἐκείνη μὲ ἀγωνία. Ὁ νέος δὲν ἀπήντησεν ἀμέσως. Ἐκοίταζε πρὸς τὸ παράθυρον, ὅπου ὁ ἥλιος ἔδυε ἀργὰ πίσω ἀπὸ τὰ βουνά. — Θὰ φύγω, εἶπε τέλος. Δὲν ἠμπορῶ νὰ μείνω ἄλλο ἐδῶ. — Καὶ ἐγώ; — Ἐσὺ θὰ μὲ περιμένῃς.
Ἡ Μαρία ἔμεινε σιωπηλή. Ἤξευρεν ὅτι ἡ ἀπόφασίς του ἦτο ὁριστική. Ὅταν ὁ Ἀντώνιος ἔλεγε κάτι, δὲν ἠλλαζε γνώμην ποτέ. — Πρόσεχε μόνο, εἶπε μὲ τρεμάμενη φωνή. Ἐκεῖνος τὴν ἐκοίταξε μὲ τρυφερότητα. — Μὴ φοβᾶσαι. Θὰ γυρίσω. Τὸ ὑπόσχομαι.
ΤΕΛΟΣ
